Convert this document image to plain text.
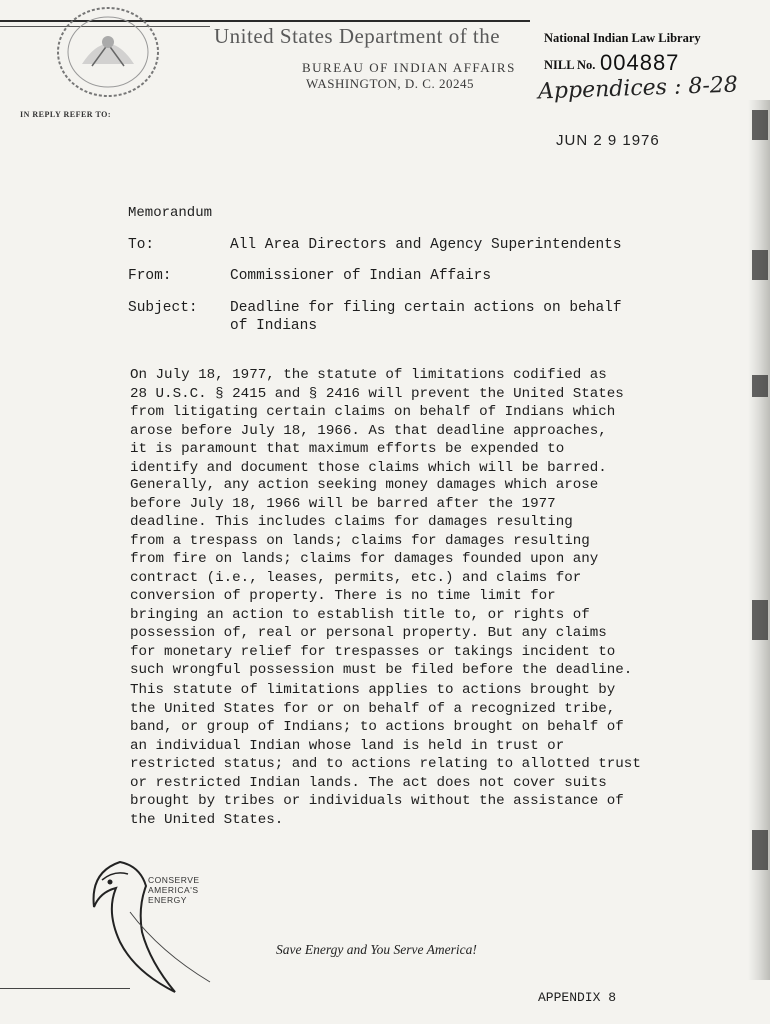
IN REPLY REFER TO:
United States Department of the
BUREAU OF INDIAN AFFAIRS
WASHINGTON, D. C. 20245
National Indian Law Library
NILL No. 004887
Appendices : 8-28
JUN 2 9 1976
Memorandum
To:	All Area Directors and Agency Superintendents
From:	Commissioner of Indian Affairs
Subject: Deadline for filing certain actions on behalf
of Indians
On July 18, 1977, the statute of limitations codified as
28 U.S.C. § 2415 and § 2416 will prevent the United States
from litigating certain claims on behalf of Indians which
arose before July 18, 1966. As that deadline approaches,
it is paramount that maximum efforts be expended to
identify and document those claims which will be barred.
Generally, any action seeking money damages which arose
before July 18, 1966 will be barred after the 1977
deadline. This includes claims for damages resulting
from a trespass on lands; claims for damages resulting
from fire on lands; claims for damages founded upon any
contract (i.e., leases, permits, etc.) and claims for
conversion of property. There is no time limit for
bringing an action to establish title to, or rights of
possession of, real or personal property. But any claims
for monetary relief for trespasses or takings incident to
such wrongful possession must be filed before the deadline.
This statute of limitations applies to actions brought by
the United States for or on behalf of a recognized tribe,
band, or group of Indians; to actions brought on behalf of
an individual Indian whose land is held in trust or
restricted status; and to actions relating to allotted trust
or restricted Indian lands. The act does not cover suits
brought by tribes or individuals without the assistance of
the United States.
CONSERVE
AMERICA'S
ENERGY
Save Energy and You Serve America!
APPENDIX 8
